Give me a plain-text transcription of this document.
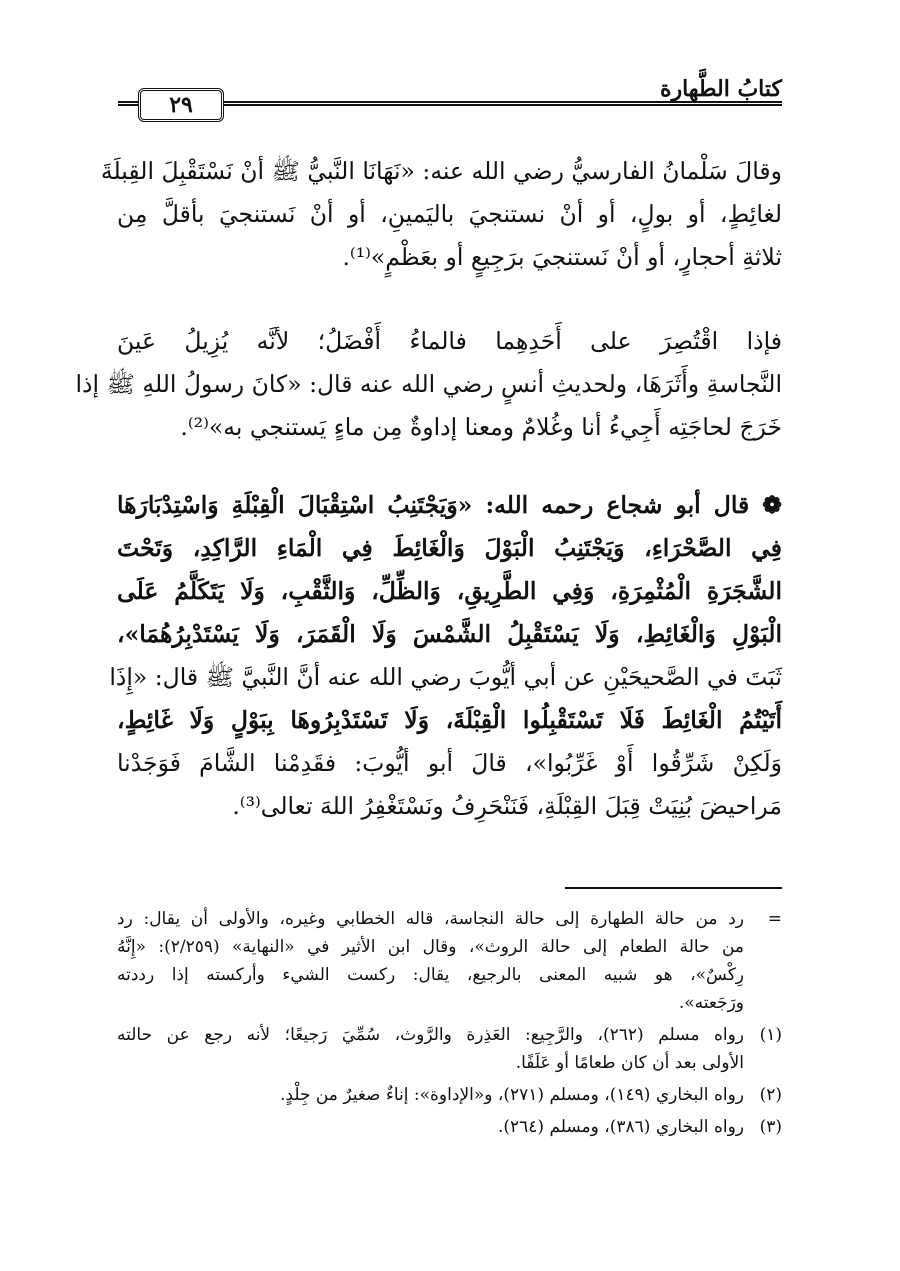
كتابُ الطَّهارة
٢٩
وقالَ سَلْمانُ الفارسيُّ رضي الله عنه: «نَهَانَا النَّبيُّ ﷺ أنْ نَسْتَقْبِلَ القِبلَةَ
لغائِطٍ، أو بولٍ، أو أنْ نستنجيَ باليَمينِ، أو أنْ نَستنجيَ بأقلَّ مِن
ثلاثةِ أحجارٍ، أو أنْ نَستنجيَ برَجِيعٍ أو بعَظْمٍ»⁽¹⁾.
فإذا اقْتُصِرَ على أَحَدِهِما فالماءُ أَفْضَلُ؛ لأنَّه يُزِيلُ عَينَ
النَّجاسةِ وأَثَرَهَا، ولحديثِ أنسٍ رضي الله عنه قال: «كانَ رسولُ اللهِ ﷺ إذا
خَرَجَ لحاجَتِه أَجِيءُ أنا وغُلامٌ ومعنا إداوةٌ مِن ماءٍ يَستنجي به»⁽²⁾.
❁ قال أبو شجاع رحمه الله: «وَيَجْتَنِبُ اسْتِقْبَالَ الْقِبْلَةِ وَاسْتِدْبَارَهَا
فِي الصَّحْرَاءِ، وَيَجْتَنِبُ الْبَوْلَ وَالْغَائِطَ فِي الْمَاءِ الرَّاكِدِ، وَتَحْتَ
الشَّجَرَةِ الْمُثْمِرَةِ، وَفِي الطَّرِيقِ، وَالظِّلِّ، وَالثَّقْبِ، وَلَا يَتَكَلَّمُ عَلَى
الْبَوْلِ وَالْغَائِطِ، وَلَا يَسْتَقْبِلُ الشَّمْسَ وَلَا الْقَمَرَ، وَلَا يَسْتَدْبِرُهُمَا»،
ثَبَتَ في الصَّحيحَيْنِ عن أبي أيُّوبَ رضي الله عنه أنَّ النَّبيَّ ﷺ قال: «إِذَا
أَتَيْتُمُ الْغَائِطَ فَلَا تَسْتَقْبِلُوا الْقِبْلَةَ، وَلَا تَسْتَدْبِرُوهَا بِبَوْلٍ وَلَا غَائِطٍ،
وَلَكِنْ شَرِّقُوا أَوْ غَرِّبُوا»، قالَ أبو أيُّوبَ: فقَدِمْنا الشَّامَ فَوَجَدْنا
مَراحيضَ بُنِيَتْ قِبَلَ القِبْلَةِ، فَنَنْحَرِفُ ونَسْتَغْفِرُ اللهَ تعالى⁽³⁾.
=
رد من حالة الطهارة إلى حالة النجاسة، قاله الخطابي وغيره، والأولى أن يقال: رد
من حالة الطعام إلى حالة الروث»، وقال ابن الأثير في «النهاية» (٢/٢٥٩): «إِنَّهُ
رِكْسٌ»، هو شبيه المعنى بالرجيع، يقال: ركست الشيء وأركسته إذا رددته
ورَجَعته».
(١)
رواه مسلم (٢٦٢)، والرَّجِيع: العَذِرة والرَّوث، سُمِّيَ رَجيعًا؛ لأنه رجع عن حالته
الأولى بعد أن كان طعامًا أو عَلَفًا.
(٢)
رواه البخاري (١٤٩)، ومسلم (٢٧١)، و«الإداوة»: إناءٌ صغيرٌ من جِلْدٍ.
(٣)
رواه البخاري (٣٨٦)، ومسلم (٢٦٤).
